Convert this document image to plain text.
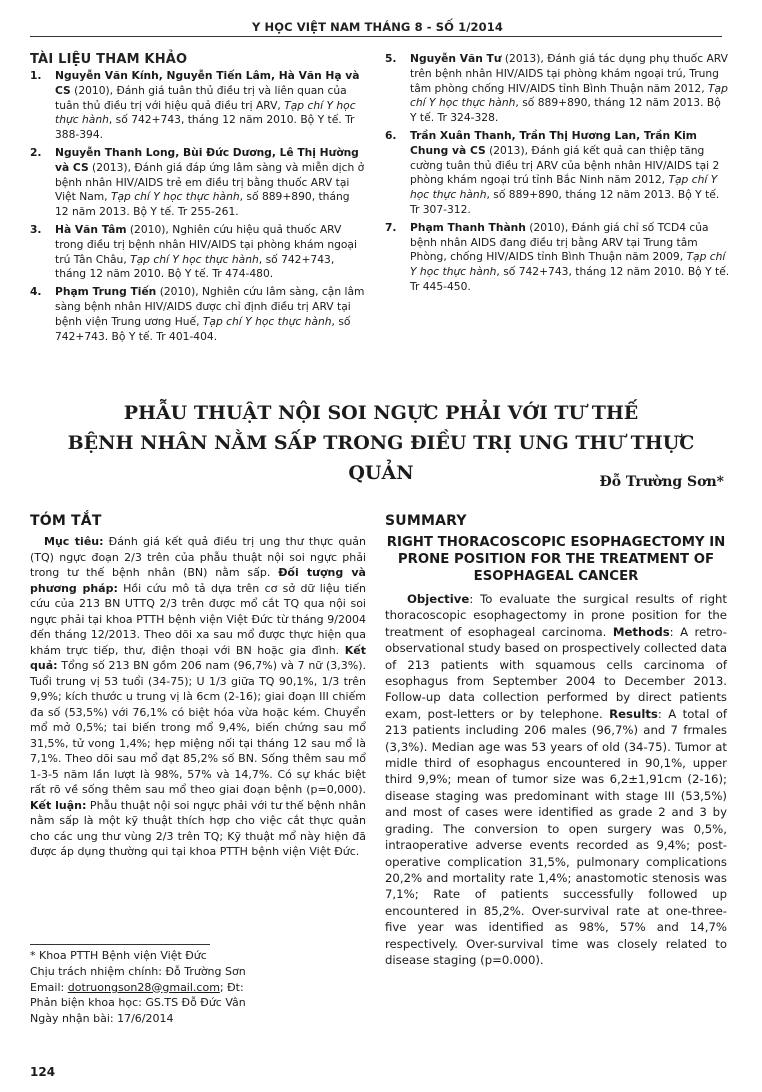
Y HỌC VIỆT NAM THÁNG 8 - SỐ 1/2014
TÀI LIỆU THAM KHẢO
1.	Nguyễn Văn Kính, Nguyễn Tiến Lâm, Hà Văn Hạ và CS (2010), Đánh giá tuân thủ điều trị và liên quan của tuân thủ điều trị với hiệu quả điều trị ARV, Tạp chí Y học thực hành, số 742+743, tháng 12 năm 2010. Bộ Y tế. Tr 388-394.
2.	Nguyễn Thanh Long, Bùi Đức Dương, Lê Thị Hường và CS (2013), Đánh giá đáp ứng lâm sàng và miễn dịch ở bệnh nhân HIV/AIDS trẻ em điều trị bằng thuốc ARV tại Việt Nam, Tạp chí Y học thực hành, số 889+890, tháng 12 năm 2013. Bộ Y tế. Tr 255-261.
3.	Hà Văn Tâm (2010), Nghiên cứu hiệu quả thuốc ARV trong điều trị bệnh nhân HIV/AIDS tại phòng khám ngoại trú Tân Châu, Tạp chí Y học thực hành, số 742+743, tháng 12 năm 2010. Bộ Y tế. Tr 474-480.
4.	Phạm Trung Tiến (2010), Nghiên cứu lâm sàng, cận lâm sàng bệnh nhân HIV/AIDS được chỉ định điều trị ARV tại bệnh viện Trung ương Huế, Tạp chí Y học thực hành, số 742+743. Bộ Y tế. Tr 401-404.
5.	Nguyễn Văn Tư (2013), Đánh giá tác dụng phụ thuốc ARV trên bệnh nhân HIV/AIDS tại phòng khám ngoại trú, Trung tâm phòng chống HIV/AIDS tỉnh Bình Thuận năm 2012, Tạp chí Y học thực hành, số 889+890, tháng 12 năm 2013. Bộ Y tế. Tr 324-328.
6.	Trần Xuân Thanh, Trần Thị Hương Lan, Trần Kim Chung và CS (2013), Đánh giá kết quả can thiệp tăng cường tuân thủ điều trị ARV của bệnh nhân HIV/AIDS tại 2 phòng khám ngoại trú tỉnh Bắc Ninh năm 2012, Tạp chí Y học thực hành, số 889+890, tháng 12 năm 2013. Bộ Y tế. Tr 307-312.
7.	Phạm Thanh Thành (2010), Đánh giá chỉ số TCD4 của bệnh nhân AIDS đang điều trị bằng ARV tại Trung tâm Phòng, chống HIV/AIDS tỉnh Bình Thuận năm 2009, Tạp chí Y học thực hành, số 742+743, tháng 12 năm 2010. Bộ Y tế. Tr 445-450.
PHẪU THUẬT NỘI SOI NGỰC PHẢI VỚI TƯ THẾ
BỆNH NHÂN NẰM SẤP TRONG ĐIỀU TRỊ UNG THƯ THỰC QUẢN	Đỗ Trường Sơn*
TÓM TẮT

Mục tiêu: Đánh giá kết quả điều trị ung thư thực quản (TQ) ngực đoạn 2/3 trên của phẫu thuật nội soi ngực phải trong tư thế bệnh nhân (BN) nằm sấp. Đối tượng và phương pháp: Hồi cứu mô tả dựa trên cơ sở dữ liệu tiến cứu của 213 BN UTTQ 2/3 trên được mổ cắt TQ qua nội soi ngực phải tại khoa PTTH bệnh viện Việt Đức từ tháng 9/2004 đến tháng 12/2013. Theo dõi xa sau mổ được thực hiện qua khám trực tiếp, thư, điện thoại với BN hoặc gia đình. Kết quả: Tổng số 213 BN gồm 206 nam (96,7%) và 7 nữ (3,3%). Tuổi trung vị 53 tuổi (34-75); U 1/3 giữa TQ 90,1%, 1/3 trên 9,9%; kích thước u trung vị là 6cm (2-16); giai đoạn III chiếm đa số (53,5%) với 76,1% có biệt hóa vừa hoặc kém. Chuyển mổ mở 0,5%; tai biến trong mổ 9,4%, biến chứng sau mổ 31,5%, tử vong 1,4%; hẹp miệng nối tại tháng 12 sau mổ là 7,1%. Theo dõi sau mổ đạt 85,2% số BN. Sống thêm sau mổ 1-3-5 năm lần lượt là 98%, 57% và 14,7%. Có sự khác biệt rất rõ về sống thêm sau mổ theo giai đoạn bệnh (p=0,000). Kết luận: Phẫu thuật nội soi ngực phải với tư thế bệnh nhân nằm sấp là một kỹ thuật thích hợp cho việc cắt thực quản cho các ung thư vùng 2/3 trên TQ; Kỹ thuật mổ này hiện đã được áp dụng thường qui tại khoa PTTH bệnh viện Việt Đức.

SUMMARY
RIGHT THORACOSCOPIC ESOPHAGECTOMY IN PRONE POSITION FOR THE TREATMENT OF ESOPHAGEAL CANCER

Objective: To evaluate the surgical results of right thoracoscopic esophagectomy in prone position for the treatment of esophageal carcinoma. Methods: A retro-observational study based on prospectively collected data of 213 patients with squamous cells carcinoma of esophagus from September 2004 to December 2013. Follow-up data collection performed by direct patients exam, post-letters or by telephone. Results: A total of 213 patients including 206 males (96,7%) and 7 frmales (3,3%). Median age was 53 years of old (34-75). Tumor at midle third of esophagus encountered in 90,1%, upper third 9,9%; mean of tumor size was 6,2±1,91cm (2-16); disease staging was predominant with stage III (53,5%) and most of cases were identified as grade 2 and 3 by grading. The conversion to open surgery was 0,5%, intraoperative adverse events recorded as 9,4%; post-operative complication 31,5%, pulmonary complications 20,2% and mortality rate 1,4%; anastomotic stenosis was 7,1%; Rate of patients successfully followed up encountered in 85,2%. Over-survival rate at one-three-five year was identified as 98%, 57% and 14,7% respectively. Over-survival time was closely related to disease staging (p=0.000).

* Khoa PTTH Bệnh viện Việt Đức
Chịu trách nhiệm chính: Đỗ Trường Sơn
Email: dotruongson28@gmail.com; Đt:
Phản biện khoa học: GS.TS Đỗ Đức Vân
Ngày nhận bài: 17/6/2014
124
